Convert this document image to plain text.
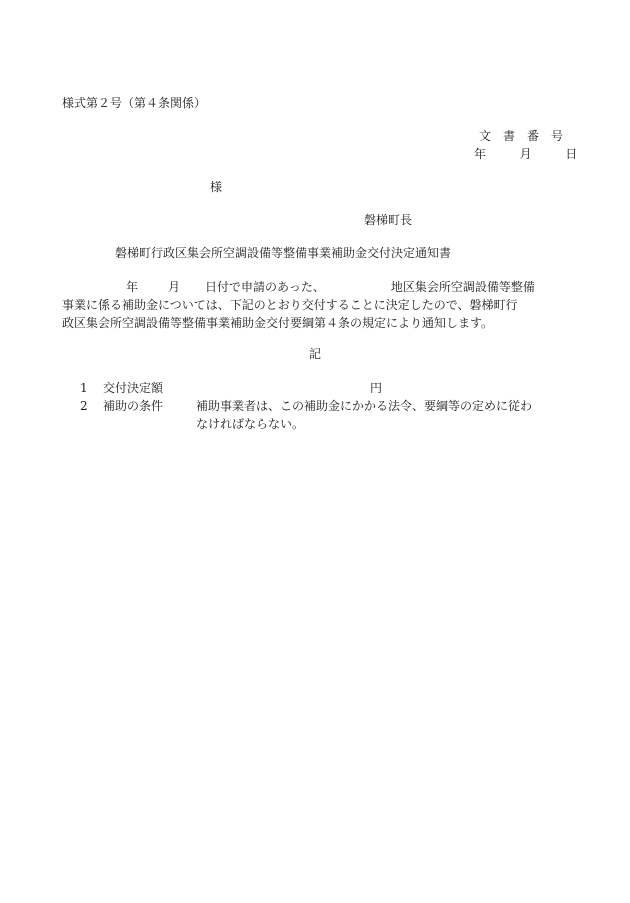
様式第２号（第４条関係）
文　書　番　号
年	月	日
様
磐梯町長
磐梯町行政区集会所空調設備等整備事業補助金交付決定通知書
年	月 日付で申請のあった、	地区集会所空調設備等整備
事業に係る補助金については、下記のとおり交付することに決定したので、磐梯町行
政区集会所空調設備等整備事業補助金交付要綱第４条の規定により通知します。
記
1 交付決定額	円
2 補助の条件	補助事業者は、この補助金にかかる法令、要綱等の定めに従わ
なければならない。
